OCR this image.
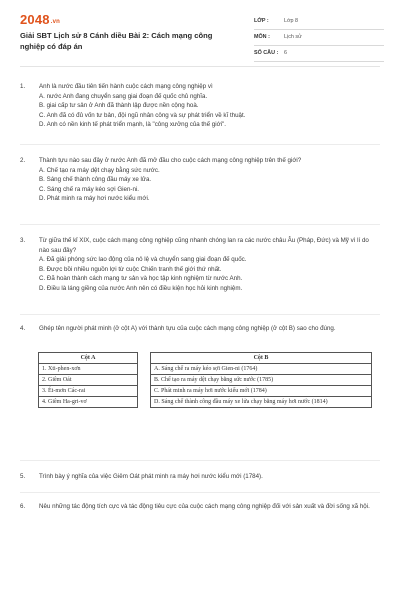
2048.vn
Giải SBT Lịch sử 8 Cánh diều Bài 2: Cách mạng công nghiệp có đáp án
LỚP :	Lớp 8
MÔN :	Lịch sử
SỐ CÂU : 6
1. Anh là nước đầu tiên tiến hành cuộc cách mạng công nghiệp vì
A. nước Anh đang chuyển sang giai đoạn đế quốc chủ nghĩa.
B. giai cấp tư sản ở Anh đã thành lập được nền cộng hoà.
C. Anh đã có đủ vốn tư bản, đội ngũ nhân công và sự phát triển về kĩ thuật.
D. Anh có nền kinh tế phát triển mạnh, là "công xưởng của thế giới".
2. Thành tựu nào sau đây ở nước Anh đã mở đầu cho cuộc cách mạng công nghiệp trên thế giới?
A. Chế tạo ra máy dệt chạy bằng sức nước.
B. Sáng chế thành công đầu máy xe lửa.
C. Sáng chế ra máy kéo sợi Gien-ni.
D. Phát minh ra máy hơi nước kiểu mới.
3. Từ giữa thế kỉ XIX, cuộc cách mạng công nghiệp cũng nhanh chóng lan ra các nước châu Âu (Pháp, Đức) và Mỹ vì lí do nào sau đây?
A. Đã giải phóng sức lao động của nô lệ và chuyển sang giai đoạn đế quốc.
B. Được bồi nhiều nguồn lợi từ cuộc Chiến tranh thế giới thứ nhất.
C. Đã hoàn thành cách mạng tư sản và học tập kinh nghiệm từ nước Anh.
D. Điều là láng giềng của nước Anh nên có điều kiện học hỏi kinh nghiệm.
4. Ghép tên người phát minh (ở cột A) với thành tựu của cuộc cách mạng công nghiệp (ở cột B) sao cho đúng.
Cột A
1. Xti-phen-xơn
2. Giêm Oát
3. Ét-mơn Các-rai
4. Giêm Ha-gri-vơ
Cột B
A. Sáng chế ra máy kéo sợi Gien-ni (1764)
B. Chế tạo ra máy dệt chạy bằng sức nước (1785)
C. Phát minh ra máy hơi nước kiểu mới (1784)
D. Sáng chế thành công đầu máy xe lửa chạy bằng máy hơi nước (1814)
5. Trình bày ý nghĩa của việc Giêm Oát phát minh ra máy hơi nước kiểu mới (1784).
6. Nêu những tác động tích cực và tác động tiêu cực của cuộc cách mạng công nghiệp đối với sản xuất và đời sống xã hội.
